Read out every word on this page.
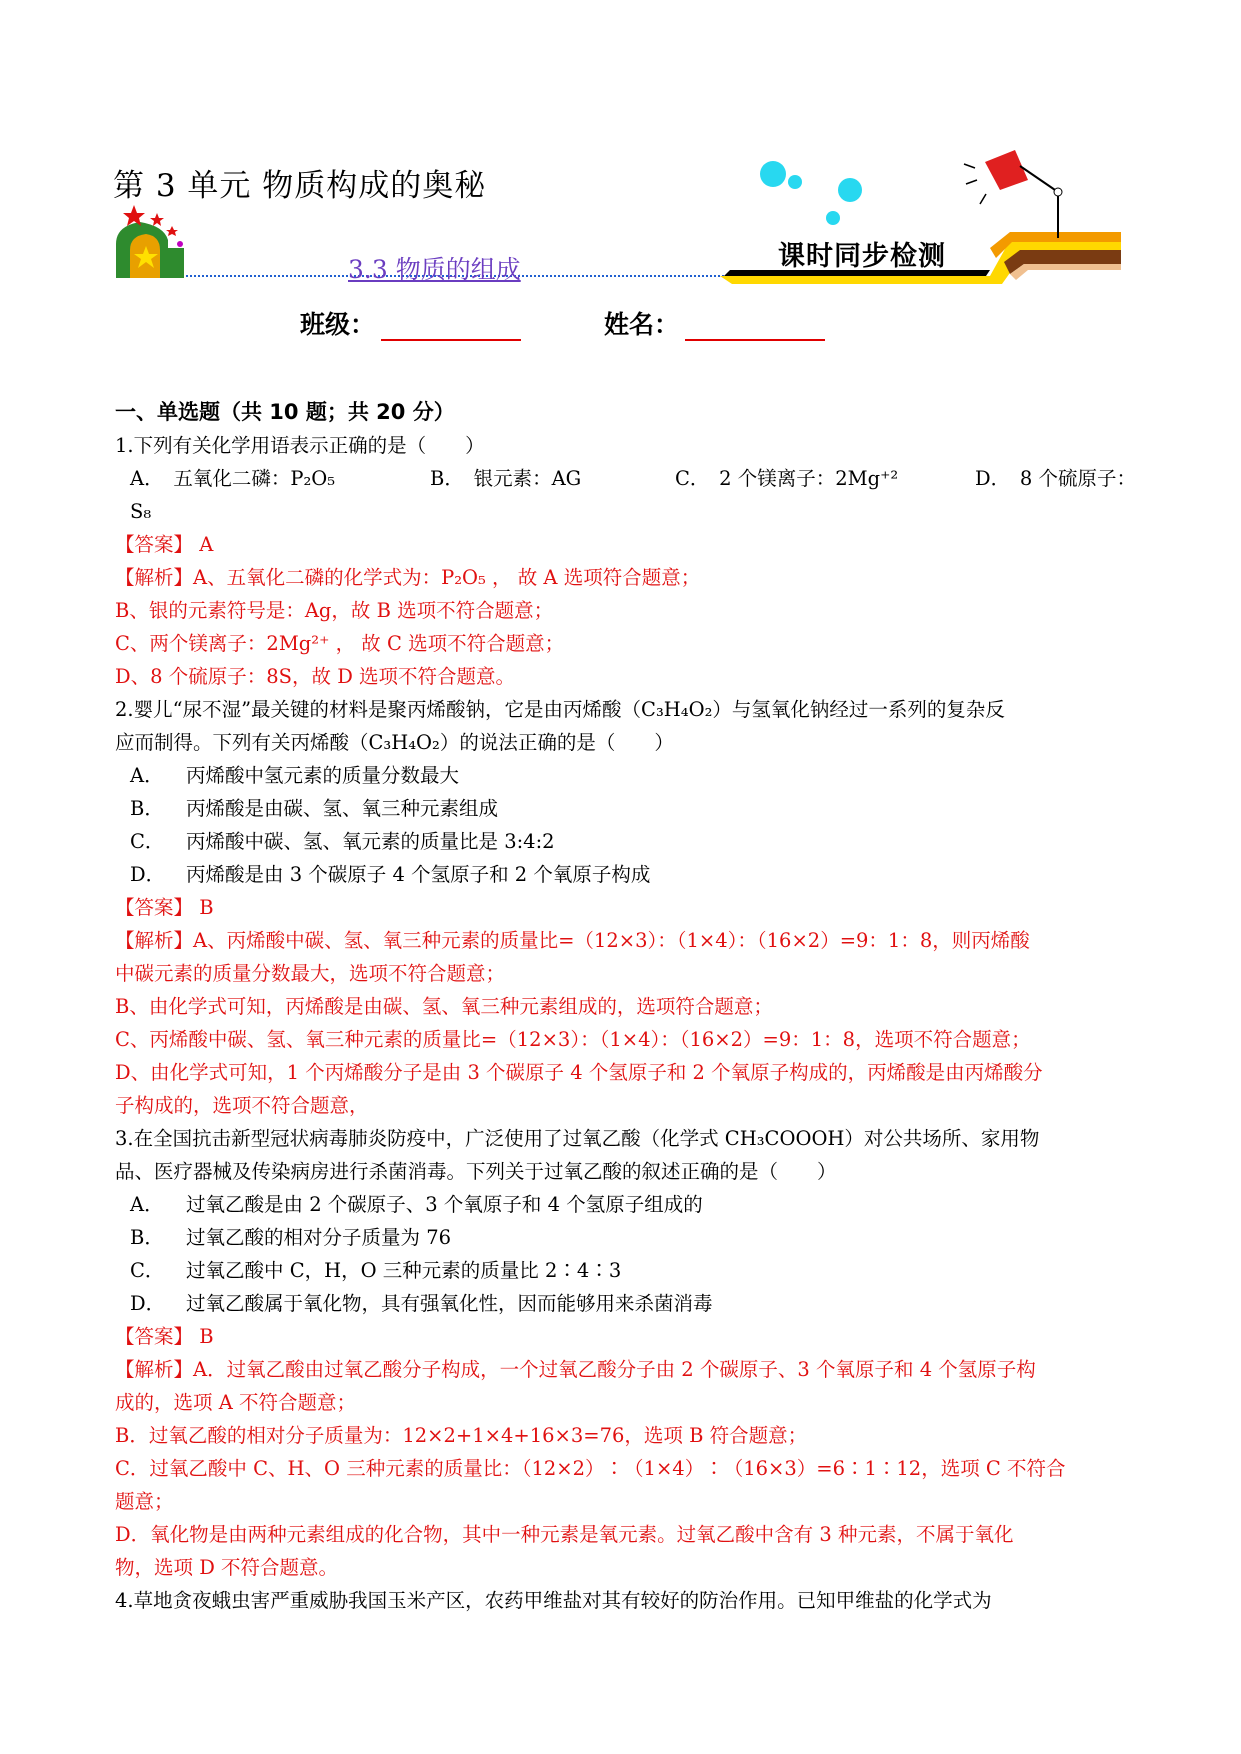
第 3 单元 物质构成的奥秘
3.3 物质的组成	课时同步检测
班级：	姓名：

一、单选题（共 10 题；共 20 分）

1.下列有关化学用语表示正确的是（　　）

A．　五氧化二磷：P₂O₅	B．　银元素：AG	C．　2 个镁离子：2Mg⁺²	D．　8 个硫原子：

S₈

【答案】 A

【解析】A、五氧化二磷的化学式为：P₂O₅ ， 故 A 选项符合题意；

B、银的元素符号是：Ag，故 B 选项不符合题意；

C、两个镁离子：2Mg²⁺ ， 故 C 选项不符合题意；

D、8 个硫原子：8S，故 D 选项不符合题意。

2.婴儿“尿不湿”最关键的材料是聚丙烯酸钠，它是由丙烯酸（C₃H₄O₂）与氢氧化钠经过一系列的复杂反

应而制得。下列有关丙烯酸（C₃H₄O₂）的说法正确的是（　　）

A． 丙烯酸中氢元素的质量分数最大

B． 丙烯酸是由碳、氢、氧三种元素组成

C． 丙烯酸中碳、氢、氧元素的质量比是 3:4:2

D． 丙烯酸是由 3 个碳原子 4 个氢原子和 2 个氧原子构成

【答案】 B

【解析】A、丙烯酸中碳、氢、氧三种元素的质量比=（12×3）：（1×4）：（16×2）=9：1：8，则丙烯酸

中碳元素的质量分数最大，选项不符合题意；

B、由化学式可知，丙烯酸是由碳、氢、氧三种元素组成的，选项符合题意；

C、丙烯酸中碳、氢、氧三种元素的质量比=（12×3）：（1×4）：（16×2）=9：1：8，选项不符合题意；

D、由化学式可知，1 个丙烯酸分子是由 3 个碳原子 4 个氢原子和 2 个氧原子构成的，丙烯酸是由丙烯酸分

子构成的，选项不符合题意，

3.在全国抗击新型冠状病毒肺炎防疫中，广泛使用了过氧乙酸（化学式 CH₃COOOH）对公共场所、家用物

品、医疗器械及传染病房进行杀菌消毒。下列关于过氧乙酸的叙述正确的是（　　）

A． 过氧乙酸是由 2 个碳原子、3 个氧原子和 4 个氢原子组成的

B． 过氧乙酸的相对分子质量为 76

C． 过氧乙酸中 C，H，O 三种元素的质量比 2∶4∶3

D． 过氧乙酸属于氧化物，具有强氧化性，因而能够用来杀菌消毒

【答案】 B

【解析】A．过氧乙酸由过氧乙酸分子构成，一个过氧乙酸分子由 2 个碳原子、3 个氧原子和 4 个氢原子构

成的，选项 A 不符合题意；

B．过氧乙酸的相对分子质量为：12×2+1×4+16×3=76，选项 B 符合题意；

C．过氧乙酸中 C、H、O 三种元素的质量比：（12×2）∶（1×4）∶（16×3）=6∶1∶12，选项 C 不符合

题意；

D．氧化物是由两种元素组成的化合物，其中一种元素是氧元素。过氧乙酸中含有 3 种元素，不属于氧化

物，选项 D 不符合题意。

4.草地贪夜蛾虫害严重威胁我国玉米产区，农药甲维盐对其有较好的防治作用。已知甲维盐的化学式为
